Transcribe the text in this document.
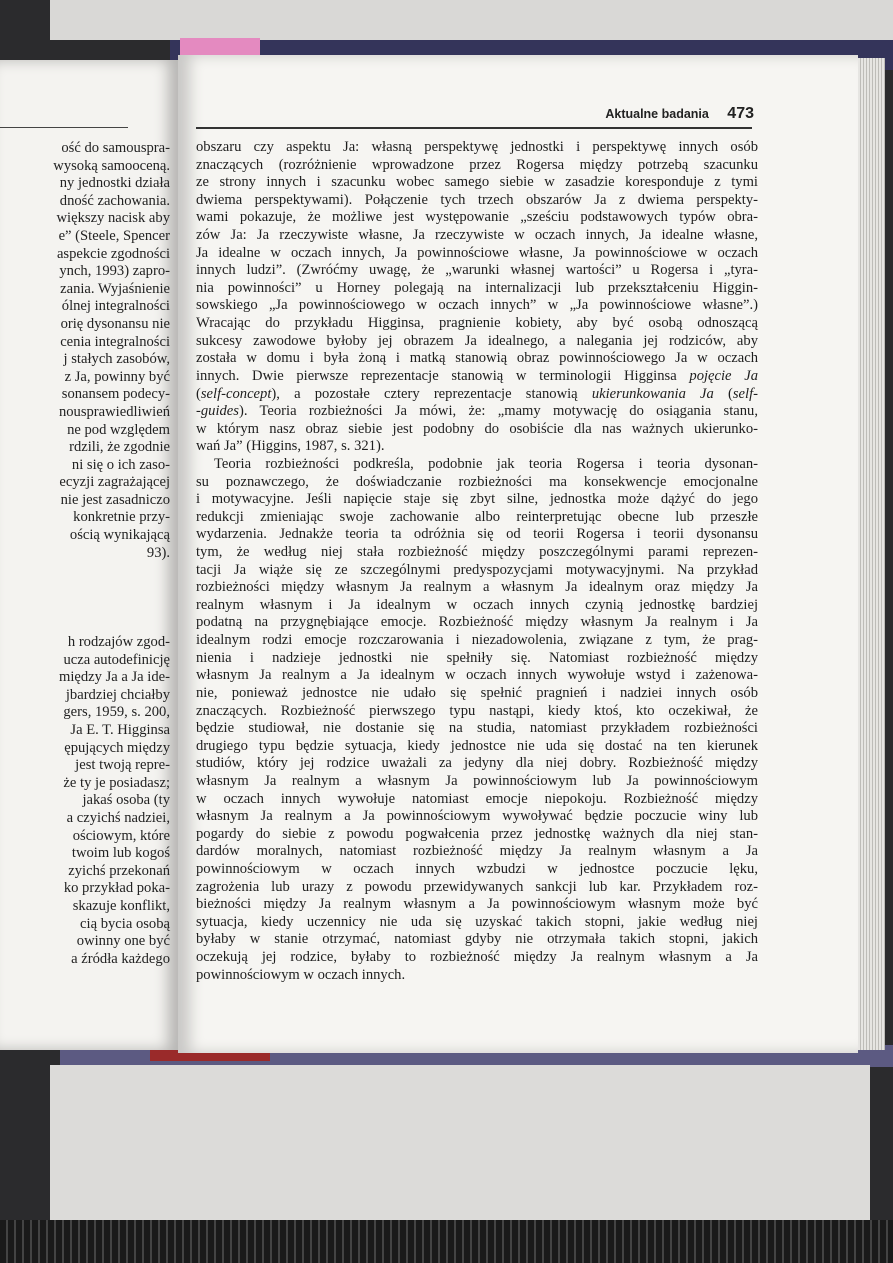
ość do samouspra-
wysoką samooceną.
ny jednostki działa
dność zachowania.
większy nacisk aby
e” (Steele, Spencer
aspekcie zgodności
ynch, 1993) zapro-
zania. Wyjaśnienie
ólnej integralności
orię dysonansu nie
cenia integralności
j stałych zasobów,
z Ja, powinny być
sonansem podecy-
nousprawiedliwień
ne pod względem
rdzili, że zgodnie
ni się o ich zaso-
ecyzji zagrażającej
nie jest zasadniczo
konkretnie przy-
ością wynikającą
93).
h rodzajów zgod-
ucza autodefinicję
między Ja a Ja ide-
jbardziej chciałby
gers, 1959, s. 200,
Ja E. T. Higginsa
ępujących między
jest twoją repre-
że ty je posiadasz;
jakaś osoba (ty
a czyichś nadziei,
ościowym, które
twoim lub kogoś
zyichś przekonań
ko przykład poka-
skazuje konflikt,
cią bycia osobą
owinny one być
a źródła każdego
Aktualne badania 473
obszaru czy aspektu Ja: własną perspektywę jednostki i perspektywę innych osób
znaczących (rozróżnienie wprowadzone przez Rogersa między potrzebą szacunku
ze strony innych i szacunku wobec samego siebie w zasadzie koresponduje z tymi
dwiema perspektywami). Połączenie tych trzech obszarów Ja z dwiema perspekty-
wami pokazuje, że możliwe jest występowanie „sześciu podstawowych typów obra-
zów Ja: Ja rzeczywiste własne, Ja rzeczywiste w oczach innych, Ja idealne własne,
Ja idealne w oczach innych, Ja powinnościowe własne, Ja powinnościowe w oczach
innych ludzi”. (Zwróćmy uwagę, że „warunki własnej wartości” u Rogersa i „tyra-
nia powinności” u Horney polegają na internalizacji lub przekształceniu Higgin-
sowskiego „Ja powinnościowego w oczach innych” w „Ja powinnościowe własne”.)
Wracając do przykładu Higginsa, pragnienie kobiety, aby być osobą odnoszącą
sukcesy zawodowe byłoby jej obrazem Ja idealnego, a nalegania jej rodziców, aby
została w domu i była żoną i matką stanowią obraz powinnościowego Ja w oczach
innych. Dwie pierwsze reprezentacje stanowią w terminologii Higginsa pojęcie Ja
(self-concept), a pozostałe cztery reprezentacje stanowią ukierunkowania Ja (self-
-guides). Teoria rozbieżności Ja mówi, że: „mamy motywację do osiągania stanu,
w którym nasz obraz siebie jest podobny do osobiście dla nas ważnych ukierunko-
wań Ja” (Higgins, 1987, s. 321).
Teoria rozbieżności podkreśla, podobnie jak teoria Rogersa i teoria dysonan-
su poznawczego, że doświadczanie rozbieżności ma konsekwencje emocjonalne
i motywacyjne. Jeśli napięcie staje się zbyt silne, jednostka może dążyć do jego
redukcji zmieniając swoje zachowanie albo reinterpretując obecne lub przeszłe
wydarzenia. Jednakże teoria ta odróżnia się od teorii Rogersa i teorii dysonansu
tym, że według niej stała rozbieżność między poszczególnymi parami reprezen-
tacji Ja wiąże się ze szczególnymi predyspozycjami motywacyjnymi. Na przykład
rozbieżności między własnym Ja realnym a własnym Ja idealnym oraz między Ja
realnym własnym i Ja idealnym w oczach innych czynią jednostkę bardziej
podatną na przygnębiające emocje. Rozbieżność między własnym Ja realnym i Ja
idealnym rodzi emocje rozczarowania i niezadowolenia, związane z tym, że prag-
nienia i nadzieje jednostki nie spełniły się. Natomiast rozbieżność między
własnym Ja realnym a Ja idealnym w oczach innych wywołuje wstyd i zażenowa-
nie, ponieważ jednostce nie udało się spełnić pragnień i nadziei innych osób
znaczących. Rozbieżność pierwszego typu nastąpi, kiedy ktoś, kto oczekiwał, że
będzie studiował, nie dostanie się na studia, natomiast przykładem rozbieżności
drugiego typu będzie sytuacja, kiedy jednostce nie uda się dostać na ten kierunek
studiów, który jej rodzice uważali za jedyny dla niej dobry. Rozbieżność między
własnym Ja realnym a własnym Ja powinnościowym lub Ja powinnościowym
w oczach innych wywołuje natomiast emocje niepokoju. Rozbieżność między
własnym Ja realnym a Ja powinnościowym wywoływać będzie poczucie winy lub
pogardy do siebie z powodu pogwałcenia przez jednostkę ważnych dla niej stan-
dardów moralnych, natomiast rozbieżność między Ja realnym własnym a Ja
powinnościowym w oczach innych wzbudzi w jednostce poczucie lęku,
zagrożenia lub urazy z powodu przewidywanych sankcji lub kar. Przykładem roz-
bieżności między Ja realnym własnym a Ja powinnościowym własnym może być
sytuacja, kiedy uczennicy nie uda się uzyskać takich stopni, jakie według niej
byłaby w stanie otrzymać, natomiast gdyby nie otrzymała takich stopni, jakich
oczekują jej rodzice, byłaby to rozbieżność między Ja realnym własnym a Ja
powinnościowym w oczach innych.
